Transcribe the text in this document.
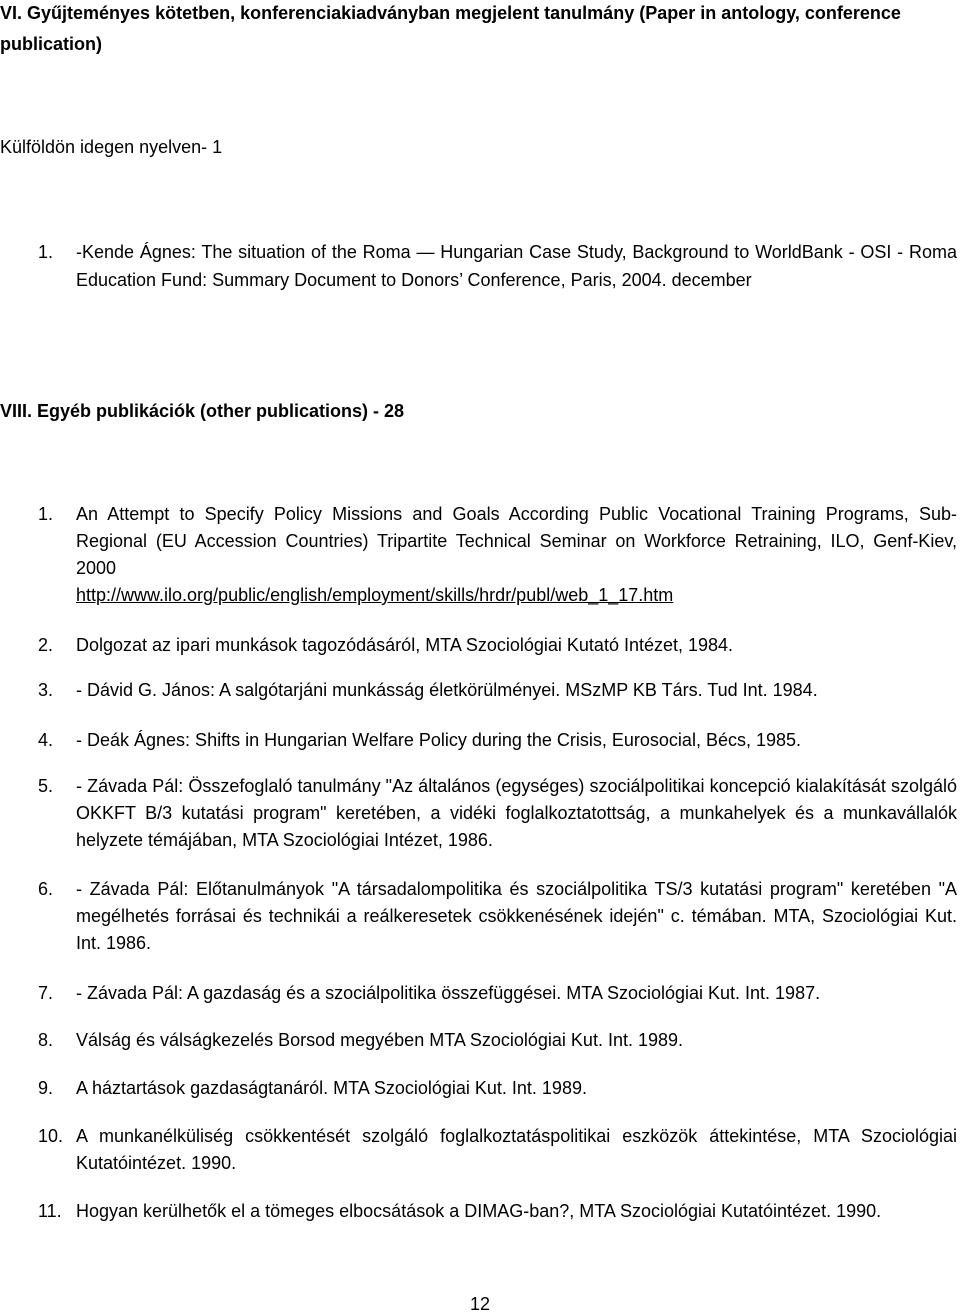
VI. Gyűjteményes kötetben, konferenciakiadványban megjelent tanulmány (Paper in antology, conference publication)

Külföldön idegen nyelven- 1

1. -Kende Ágnes: The situation of the Roma — Hungarian Case Study, Background to WorldBank - OSI - Roma Education Fund: Summary Document to Donors’ Conference, Paris, 2004. december
VIII. Egyéb publikációk (other publications) - 28
1. An Attempt to Specify Policy Missions and Goals According Public Vocational Training Programs, Sub-Regional (EU Accession Countries) Tripartite Technical Seminar on Workforce Retraining, ILO, Genf-Kiev, 2000
http://www.ilo.org/public/english/employment/skills/hrdr/publ/web_1_17.htm
2. Dolgozat az ipari munkások tagozódásáról, MTA Szociológiai Kutató Intézet, 1984.
3. - Dávid G. János: A salgótarjáni munkásság életkörülményei. MSzMP KB Társ. Tud Int. 1984.
4. - Deák Ágnes: Shifts in Hungarian Welfare Policy during the Crisis, Eurosocial, Bécs, 1985.
5. - Závada Pál: Összefoglaló tanulmány "Az általános (egységes) szociálpolitikai koncepció kialakítását szolgáló OKKFT B/3 kutatási program" keretében, a vidéki foglalkoztatottság, a munkahelyek és a munkavállalók helyzete témájában, MTA Szociológiai Intézet, 1986.
6. - Závada Pál: Előtanulmányok "A társadalompolitika és szociálpolitika TS/3 kutatási program" keretében "A megélhetés forrásai és technikái a reálkeresetek csökkenésének idején" c. témában. MTA, Szociológiai Kut. Int. 1986.
7. - Závada Pál: A gazdaság és a szociálpolitika összefüggései. MTA Szociológiai Kut. Int. 1987.
8. Válság és válságkezelés Borsod megyében MTA Szociológiai Kut. Int. 1989.
9. A háztartások gazdaságtanáról. MTA Szociológiai Kut. Int. 1989.
10. A munkanélküliség csökkentését szolgáló foglalkoztatáspolitikai eszközök áttekintése, MTA Szociológiai Kutatóintézet. 1990.
11. Hogyan kerülhetők el a tömeges elbocsátások a DIMAG-ban?, MTA Szociológiai Kutatóintézet. 1990.
12
